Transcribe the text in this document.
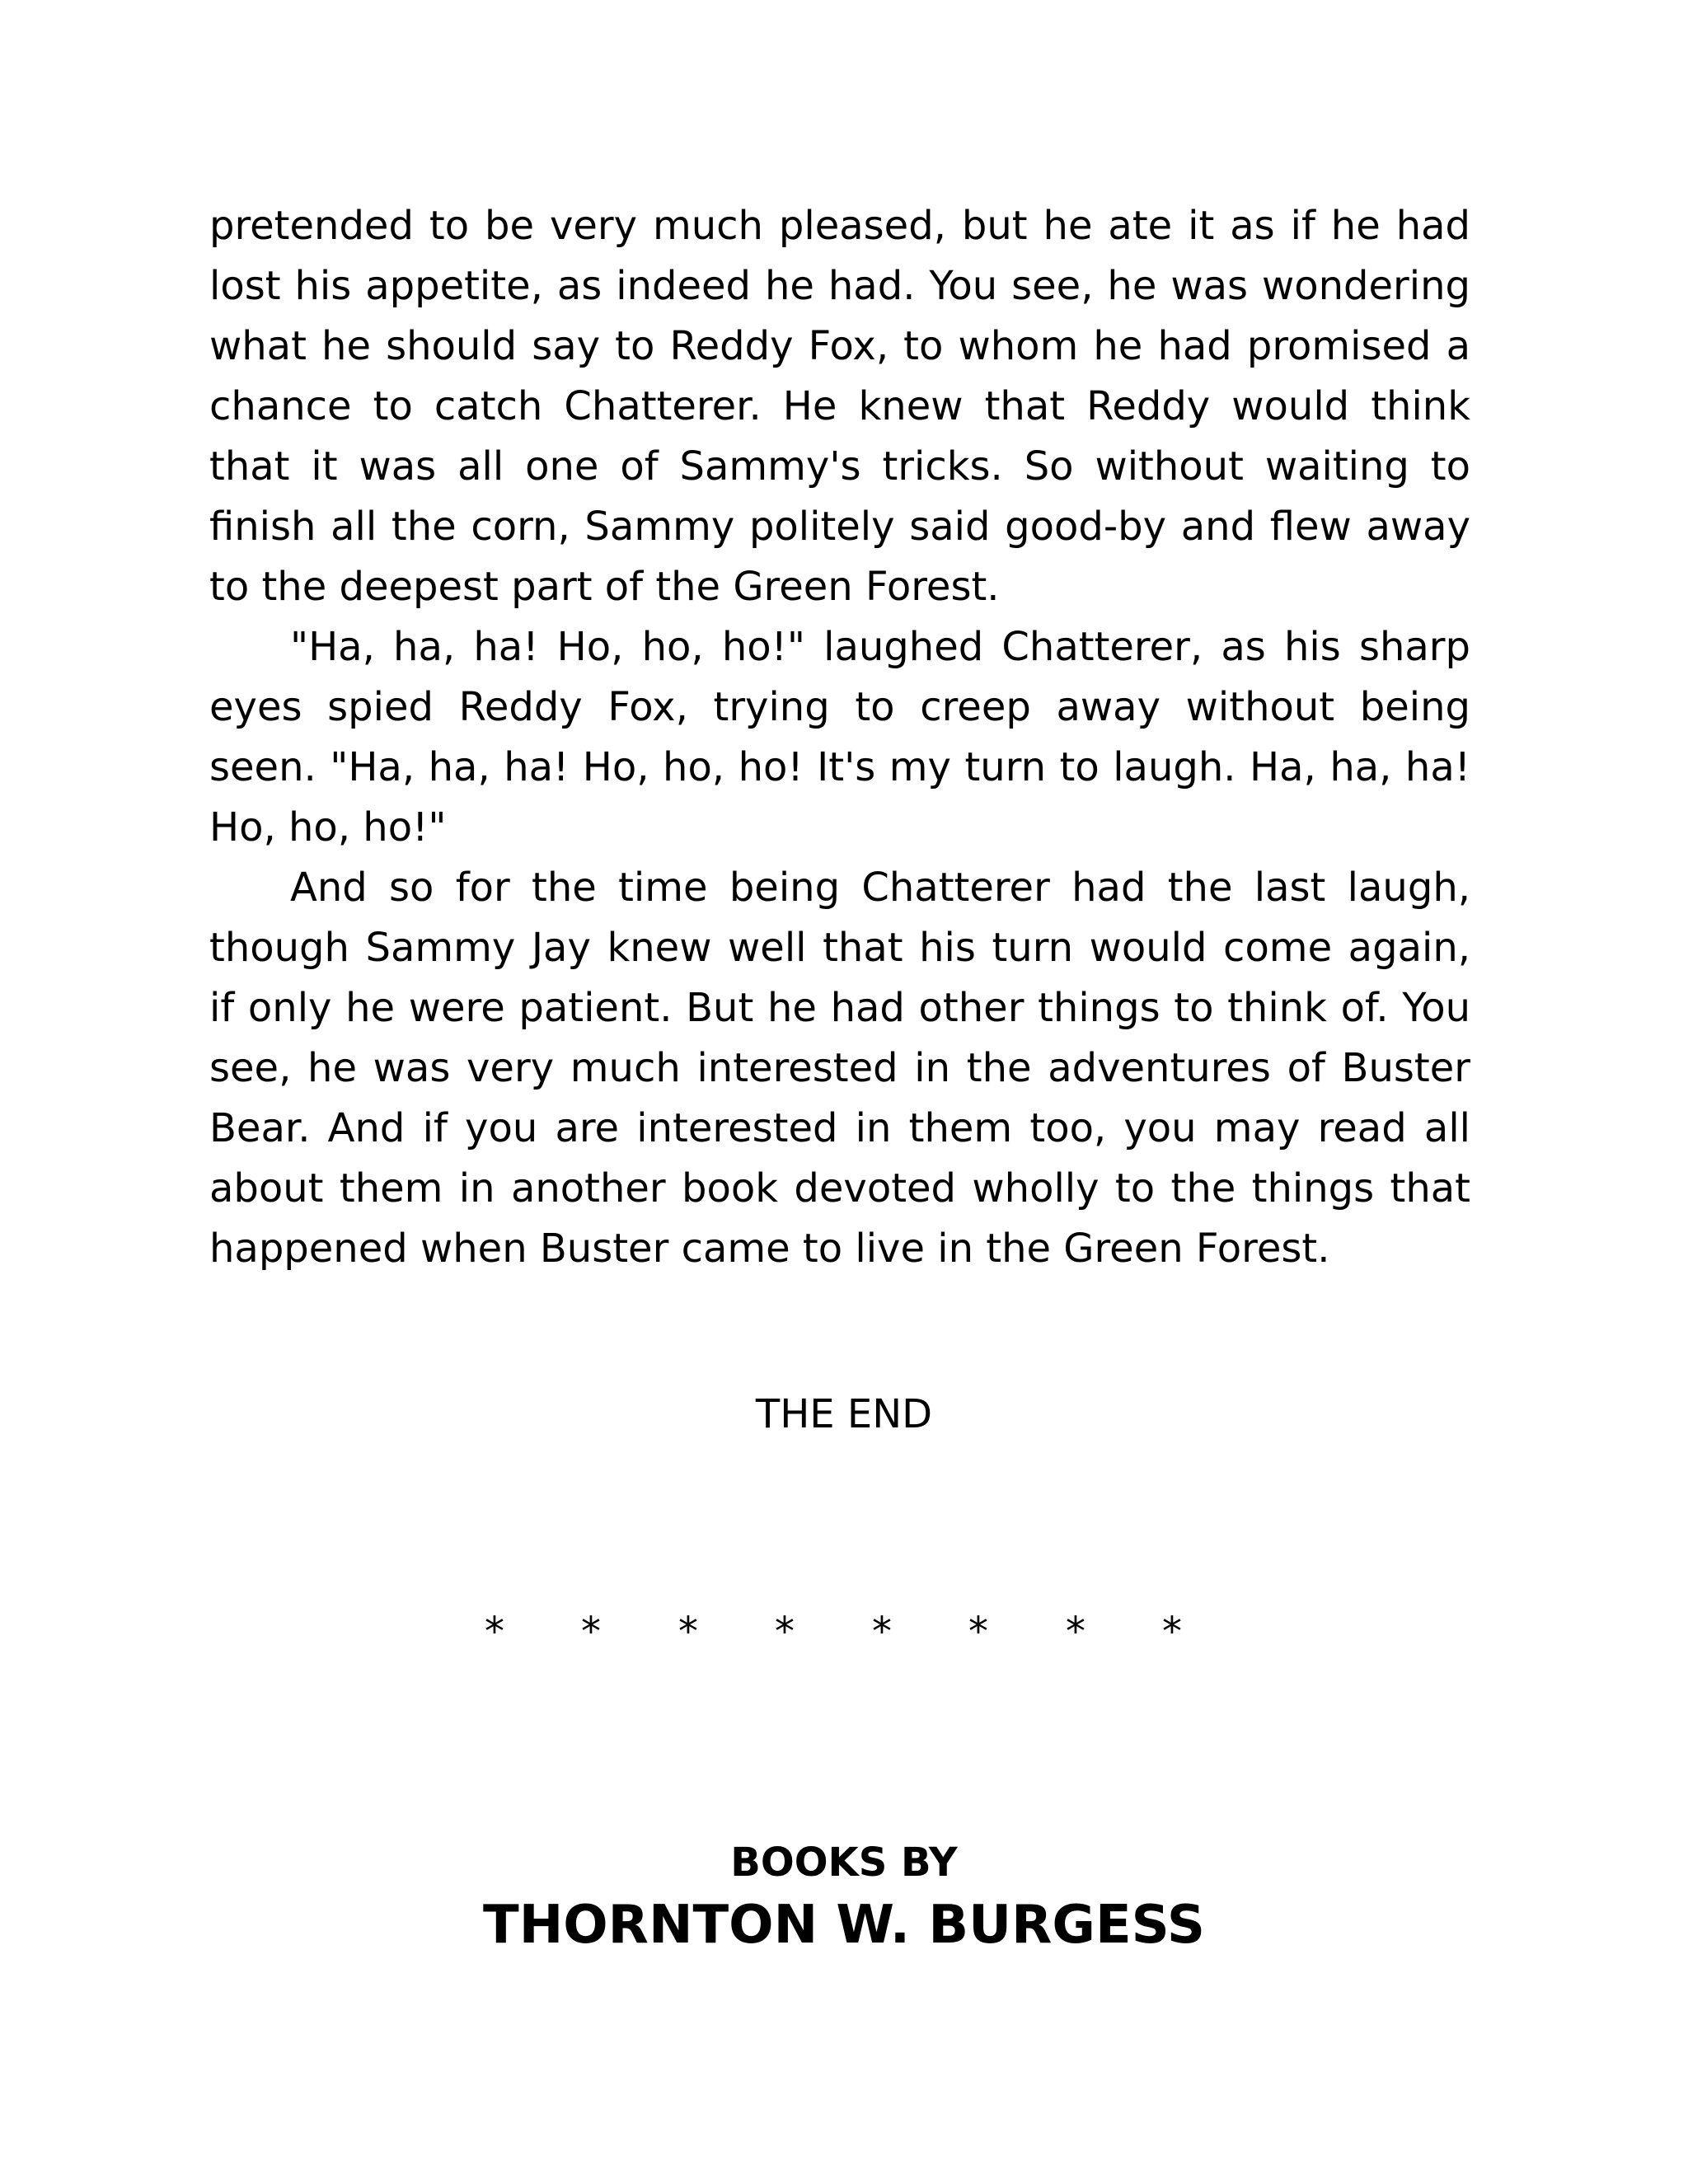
pretended to be very much pleased, but he ate it as if he had lost his appetite, as indeed he had. You see, he was wondering what he should say to Reddy Fox, to whom he had promised a chance to catch Chatterer. He knew that Reddy would think that it was all one of Sammy's tricks. So without waiting to finish all the corn, Sammy politely said good-by and flew away to the deepest part of the Green Forest.

"Ha, ha, ha! Ho, ho, ho!" laughed Chatterer, as his sharp eyes spied Reddy Fox, trying to creep away without being seen. "Ha, ha, ha! Ho, ho, ho! It's my turn to laugh. Ha, ha, ha! Ho, ho, ho!"

And so for the time being Chatterer had the last laugh, though Sammy Jay knew well that his turn would come again, if only he were patient. But he had other things to think of. You see, he was very much interested in the adventures of Buster Bear. And if you are interested in them too, you may read all about them in another book devoted wholly to the things that happened when Buster came to live in the Green Forest.

THE END
* * * * * * * *
BOOKS BY
THORNTON W. BURGESS
